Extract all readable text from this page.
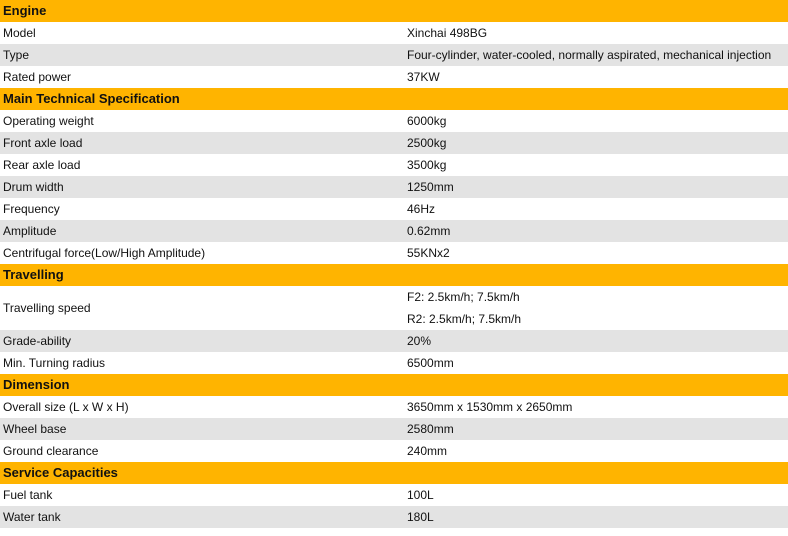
Engine	
Model	Xinchai 498BG
Type	Four-cylinder, water-cooled, normally aspirated, mechanical injection
Rated power	37KW
Main Technical Specification	
Operating weight	6000kg
Front axle load	2500kg
Rear axle load	3500kg
Drum width	1250mm
Frequency	46Hz
Amplitude	0.62mm
Centrifugal force(Low/High Amplitude)	55KNx2
Travelling	
Travelling speed	F2: 2.5km/h; 7.5km/h
R2: 2.5km/h; 7.5km/h

Grade-ability	20%
Min. Turning radius	6500mm
Dimension	
Overall size (L x W x H)	3650mm x 1530mm x 2650mm
Wheel base	2580mm
Ground clearance	240mm
Service Capacities	
Fuel tank	100L
Water tank	180L
